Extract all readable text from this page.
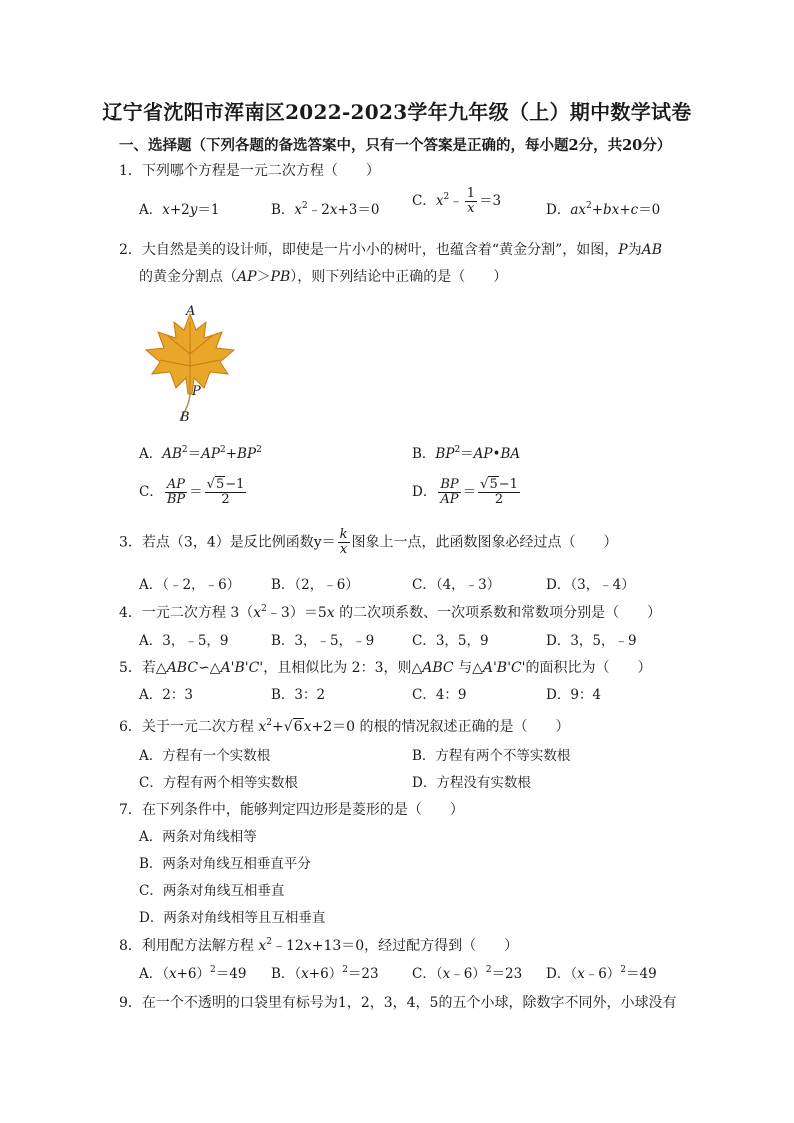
辽宁省沈阳市浑南区2022-2023学年九年级（上）期中数学试卷
一、选择题（下列各题的备选答案中，只有一个答案是正确的，每小题2分，共20分）
1．下列哪个方程是一元二次方程（　　）
A．x+2y＝1	B．$x^2﹣2x+3=0$
C．$x^2﹣ \frac{1}{x} =3$
D．$ax^2+bx+c=0$
2．大自然是美的设计师，即使是一片小小的树叶，也蕴含着“黄金分割”，如图，P为AB
的黄金分割点（AP＞PB），则下列结论中正确的是（　　）
A
P
B
A．$AB^2=AP^2+BP^2$	B．$BP^2=AP•BA$
C． $\frac{AP}{BP} = \frac{√5-1}{2}$	D． $\frac{BP}{AP} = \frac{√5-1}{2}$
3．若点（3，4）是反比例函数$y= \frac{k}{x}$ 图象上一点，此函数图象必经过点（　　）
A．（﹣2，﹣6） B．（2，﹣6）	C．（4，﹣3）	D．（3，﹣4）
4．一元二次方程 $3(x^2﹣3)=5x$ 的二次项系数、一次项系数和常数项分别是（　　）
A．3，﹣5，9	B．3，﹣5，﹣9	C．3，5，9	D．3，5，﹣9
5．若△ABC∽△A'B'C'，且相似比为 2：3，则△ABC 与△A'B'C'的面积比为（　　）
A．2：3	B．3：2	C．4：9	D．9：4
6．关于一元二次方程 $x^2+√6x+2=0$ 的根的情况叙述正确的是（　　）
A．方程有一个实数根	B．方程有两个不等实数根
C．方程有两个相等实数根	D．方程没有实数根
7．在下列条件中，能够判定四边形是菱形的是（　　）
A．两条对角线相等
B．两条对角线互相垂直平分
C．两条对角线互相垂直
D．两条对角线相等且互相垂直
8．利用配方法解方程 $x^2﹣12x+13=0$，经过配方得到（　　）
A．$(x+6)^2=49$ B．$(x+6)^2=23$ C．（x﹣6）$^2$＝23 D．（x﹣6）$^2$＝49
9．在一个不透明的口袋里有标号为1，2，3，4，5的五个小球，除数字不同外，小球没有
